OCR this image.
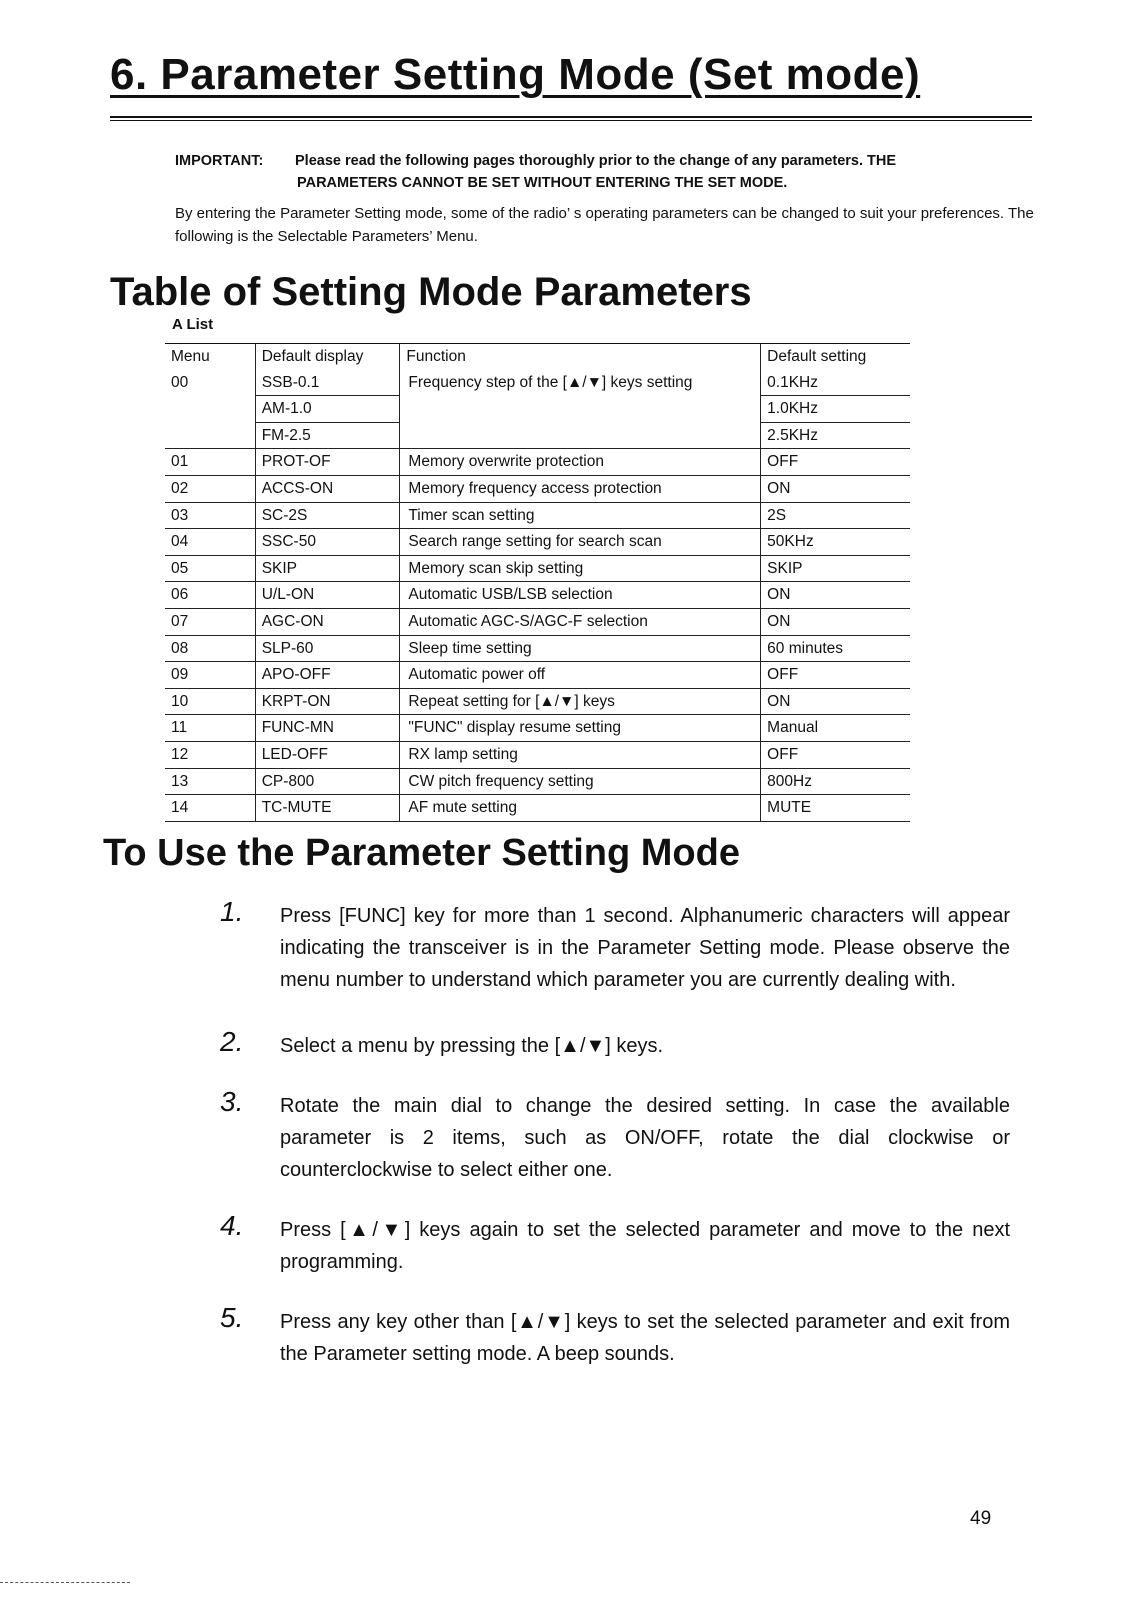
6. Parameter Setting Mode (Set mode)
IMPORTANT: Please read the following pages thoroughly prior to the change of any parameters. THE
PARAMETERS CANNOT BE SET WITHOUT ENTERING THE SET MODE.

By entering the Parameter Setting mode, some of the radio’ s operating parameters can be changed to suit your preferences. The following is the Selectable Parameters’ Menu.

Table of Setting Mode Parameters
A List
Menu	Default display	Function	Default setting
00	SSB-0.1	Frequency step of the [▲/▼] keys setting	0.1KHz
	AM-1.0		1.0KHz
	FM-2.5		2.5KHz
01	PROT-OF	Memory overwrite protection	OFF
02	ACCS-ON	Memory frequency access protection	ON
03	SC-2S	Timer scan setting	2S
04	SSC-50	Search range setting for search scan	50KHz
05	SKIP	Memory scan skip setting	SKIP
06	U/L-ON	Automatic USB/LSB selection	ON
07	AGC-ON	Automatic AGC-S/AGC-F selection	ON
08	SLP-60	Sleep time setting	60 minutes
09	APO-OFF	Automatic power off	OFF
10	KRPT-ON	Repeat setting for [▲/▼] keys	ON
11	FUNC-MN	"FUNC" display resume setting	Manual
12	LED-OFF	RX lamp setting	OFF
13	CP-800	CW pitch frequency setting	800Hz
14	TC-MUTE	AF mute setting	MUTE
To Use the Parameter Setting Mode
1. Press [FUNC] key for more than 1 second. Alphanumeric characters will appear indicating the transceiver is in the Parameter Setting mode. Please observe the menu number to understand which parameter you are currently dealing with.
2. Select a menu by pressing the [▲/▼] keys.
3. Rotate the main dial to change the desired setting. In case the available parameter is 2 items, such as ON/OFF, rotate the dial clockwise or counterclockwise to select either one.
4. Press [▲/▼] keys again to set the selected parameter and move to the next programming.
5. Press any key other than [▲/▼] keys to set the selected parameter and exit from the Parameter setting mode. A beep sounds.
49
